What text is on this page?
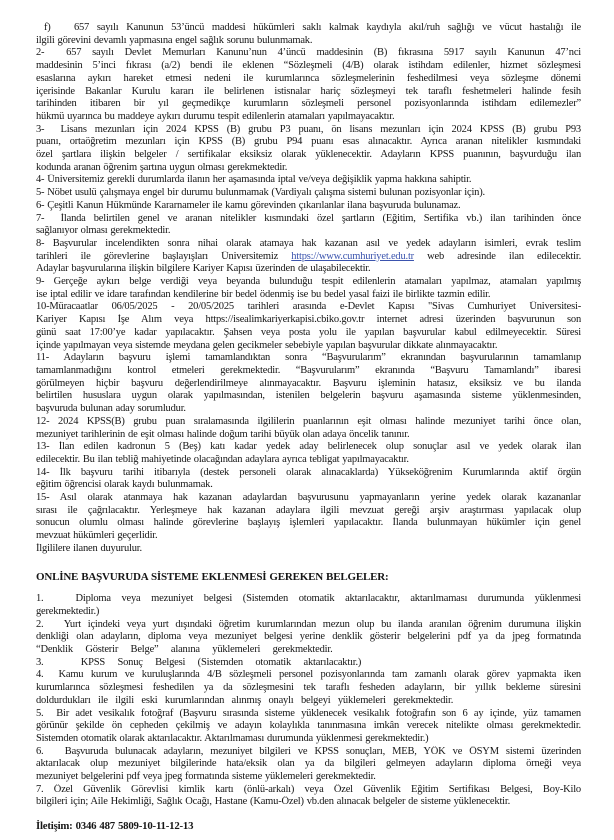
f)   657 sayılı Kanunun 53’üncü maddesi hükümleri saklı kalmak kaydıyla akıl/ruh sağlığı ve vücut hastalığı ile
ilgili görevini devamlı yapmasına engel sağlık sorunu bulunmamak.
2-  657 sayılı Devlet Memurları Kanunu’nun 4’üncü maddesinin (B) fıkrasına 5917 sayılı Kanunun 47’nci
maddesinin 5’inci fıkrası (a/2) bendi ile eklenen “Sözleşmeli (4/B) olarak istihdam edilenler, hizmet sözleşmesi
esaslarına aykırı hareket etmesi nedeni ile kurumlarınca sözleşmelerinin feshedilmesi veya sözleşme dönemi
içerisinde Bakanlar Kurulu kararı ile belirlenen istisnalar hariç sözleşmeyi tek taraflı feshetmeleri halinde fesih
tarihinden itibaren bir yıl geçmedikçe kurumların sözleşmeli personel pozisyonlarında istihdam edilemezler”
hükmü uyarınca bu maddeye aykırı durumu tespit edilenlerin atamaları yapılmayacaktır.
3-  Lisans mezunları için 2024 KPSS (B) grubu P3 puanı, ön lisans mezunları için 2024 KPSS (B) grubu P93
puanı, ortaöğretim mezunları için KPSS (B) grubu P94 puanı esas alınacaktır. Ayrıca aranan nitelikler kısmındaki
özel şartlara ilişkin belgeler / sertifikalar eksiksiz olarak yüklenecektir. Adayların KPSS puanının, başvurduğu ilan
kodunda aranan öğrenim şartına uygun olması gerekmektedir.
4- Üniversitemiz gerekli durumlarda ilanın her aşamasında iptal ve/veya değişiklik yapma hakkına sahiptir.
5- Nöbet usulü çalışmaya engel bir durumu bulunmamak (Vardiyalı çalışma sistemi bulunan pozisyonlar için).
6- Çeşitli Kanun Hükmünde Kararnameler ile kamu görevinden çıkarılanlar ilana başvuruda bulunamaz.
7-  İlanda belirtilen genel ve aranan nitelikler kısmındaki özel şartların (Eğitim, Sertifika vb.) ilan tarihinden önce
sağlanıyor olması gerekmektedir.
8- Başvurular incelendikten sonra nihai olarak atamaya hak kazanan asıl ve yedek adayların isimleri, evrak teslim
tarihleri ile görevlerine başlayışları Üniversitemiz https://www.cumhuriyet.edu.tr web adresinde ilan edilecektir.
Adaylar başvurularına ilişkin bilgilere Kariyer Kapısı üzerinden de ulaşabilecektir.
9- Gerçeğe aykırı belge verdiği veya beyanda bulunduğu tespit edilenlerin atamaları yapılmaz, atamaları yapılmış
ise iptal edilir ve idare tarafından kendilerine bir bedel ödenmiş ise bu bedel yasal faizi ile birlikte tazmin edilir.
10-Müracaatlar 06/05/2025 - 20/05/2025 tarihleri arasında e-Devlet Kapısı "Sivas Cumhuriyet Üniversitesi-
Kariyer Kapısı İşe Alım veya https://isealimkariyerkapisi.cbiko.gov.tr internet adresi üzerinden başvurunun son
günü saat 17:00’ye kadar yapılacaktır. Şahsen veya posta yolu ile yapılan başvurular kabul edilmeyecektir. Süresi
içinde yapılmayan veya sistemde meydana gelen gecikmeler sebebiyle yapılan başvurular dikkate alınmayacaktır.
11- Adayların başvuru işlemi tamamlandıktan sonra “Başvurularım” ekranından başvurularının tamamlanıp
tamamlanmadığını kontrol etmeleri gerekmektedir. “Başvurularım” ekranında “Başvuru Tamamlandı” ibaresi
görülmeyen hiçbir başvuru değerlendirilmeye alınmayacaktır. Başvuru işleminin hatasız, eksiksiz ve bu ilanda
belirtilen hususlara uygun olarak yapılmasından, istenilen belgelerin başvuru aşamasında sisteme yüklenmesinden,
başvuruda bulunan aday sorumludur.
12- 2024 KPSS(B) grubu puan sıralamasında ilgililerin puanlarının eşit olması halinde mezuniyet tarihi önce olan,
mezuniyet tarihlerinin de eşit olması halinde doğum tarihi büyük olan adaya öncelik tanınır.
13- İlan edilen kadronun 5 (Beş) katı kadar yedek aday belirlenecek olup sonuçlar asıl ve yedek olarak ilan
edilecektir. Bu ilan tebliğ mahiyetinde olacağından adaylara ayrıca tebligat yapılmayacaktır.
14- İlk başvuru tarihi itibarıyla (destek personeli olarak alınacaklarda) Yükseköğrenim Kurumlarında aktif örgün
eğitim öğrencisi olarak kaydı bulunmamak.
15- Asıl olarak atanmaya hak kazanan adaylardan başvurusunu yapmayanların yerine yedek olarak kazananlar
sırası ile çağrılacaktır. Yerleşmeye hak kazanan adaylara ilgili mevzuat gereği arşiv araştırması yapılacak olup
sonucun olumlu olması halinde görevlerine başlayış işlemleri yapılacaktır. İlanda bulunmayan hükümler için genel
mevzuat hükümleri geçerlidir.
İlgililere ilanen duyurulur.
ONLİNE BAŞVURUDA SİSTEME EKLENMESİ GEREKEN BELGELER:
1.   Diploma veya mezuniyet belgesi (Sistemden otomatik aktarılacaktır, aktarılmaması durumunda yüklenmesi
gerekmektedir.)
2.   Yurt içindeki veya yurt dışındaki öğretim kurumlarından mezun olup bu ilanda aranılan öğrenim durumuna ilişkin
denkliği olan adayların, diploma veya mezuniyet belgesi yerine denklik gösterir belgelerini pdf ya da jpeg formatında
“Denklik Gösterir Belge” alanına yüklemeleri gerekmektedir.
3.   KPSS Sonuç Belgesi (Sistemden otomatik aktarılacaktır.)
4.  Kamu kurum ve kuruluşlarında 4/B sözleşmeli personel pozisyonlarında tam zamanlı olarak görev yapmakta iken
kurumlarınca sözleşmesi feshedilen ya da sözleşmesini tek taraflı fesheden adayların, bir yıllık bekleme süresini
doldurdukları ile ilgili eski kurumlarından alınmış onaylı belgeyi yüklemeleri gerekmektedir.
5.  Bir adet vesikalık fotoğraf (Başvuru sırasında sisteme yüklenecek vesikalık fotoğrafın son 6 ay içinde, yüz tamamen
görünür şekilde ön cepheden çekilmiş ve adayın kolaylıkla tanınmasına imkân verecek nitelikte olması gerekmektedir.
Sistemden otomatik olarak aktarılacaktır. Aktarılmaması durumunda yüklenmesi gerekmektedir.)
6.   Başvuruda bulunacak adayların, mezuniyet bilgileri ve KPSS sonuçları, MEB, YÖK ve ÖSYM sistemi üzerinden
aktarılacak olup mezuniyet bilgilerinde hata/eksik olan ya da bilgileri gelmeyen adayların diploma örneği veya
mezuniyet belgelerini pdf veya jpeg formatında sisteme yüklemeleri gerekmektedir.
7. Özel Güvenlik Görevlisi kimlik kartı (önlü-arkalı) veya Özel Güvenlik Eğitim Sertifikası Belgesi, Boy-Kilo
bilgileri için; Aile Hekimliği, Sağlık Ocağı, Hastane (Kamu-Özel) vb.den alınacak belgeler de sisteme yüklenecektir.
İletişim: 0346 487 5809-10-11-12-13
